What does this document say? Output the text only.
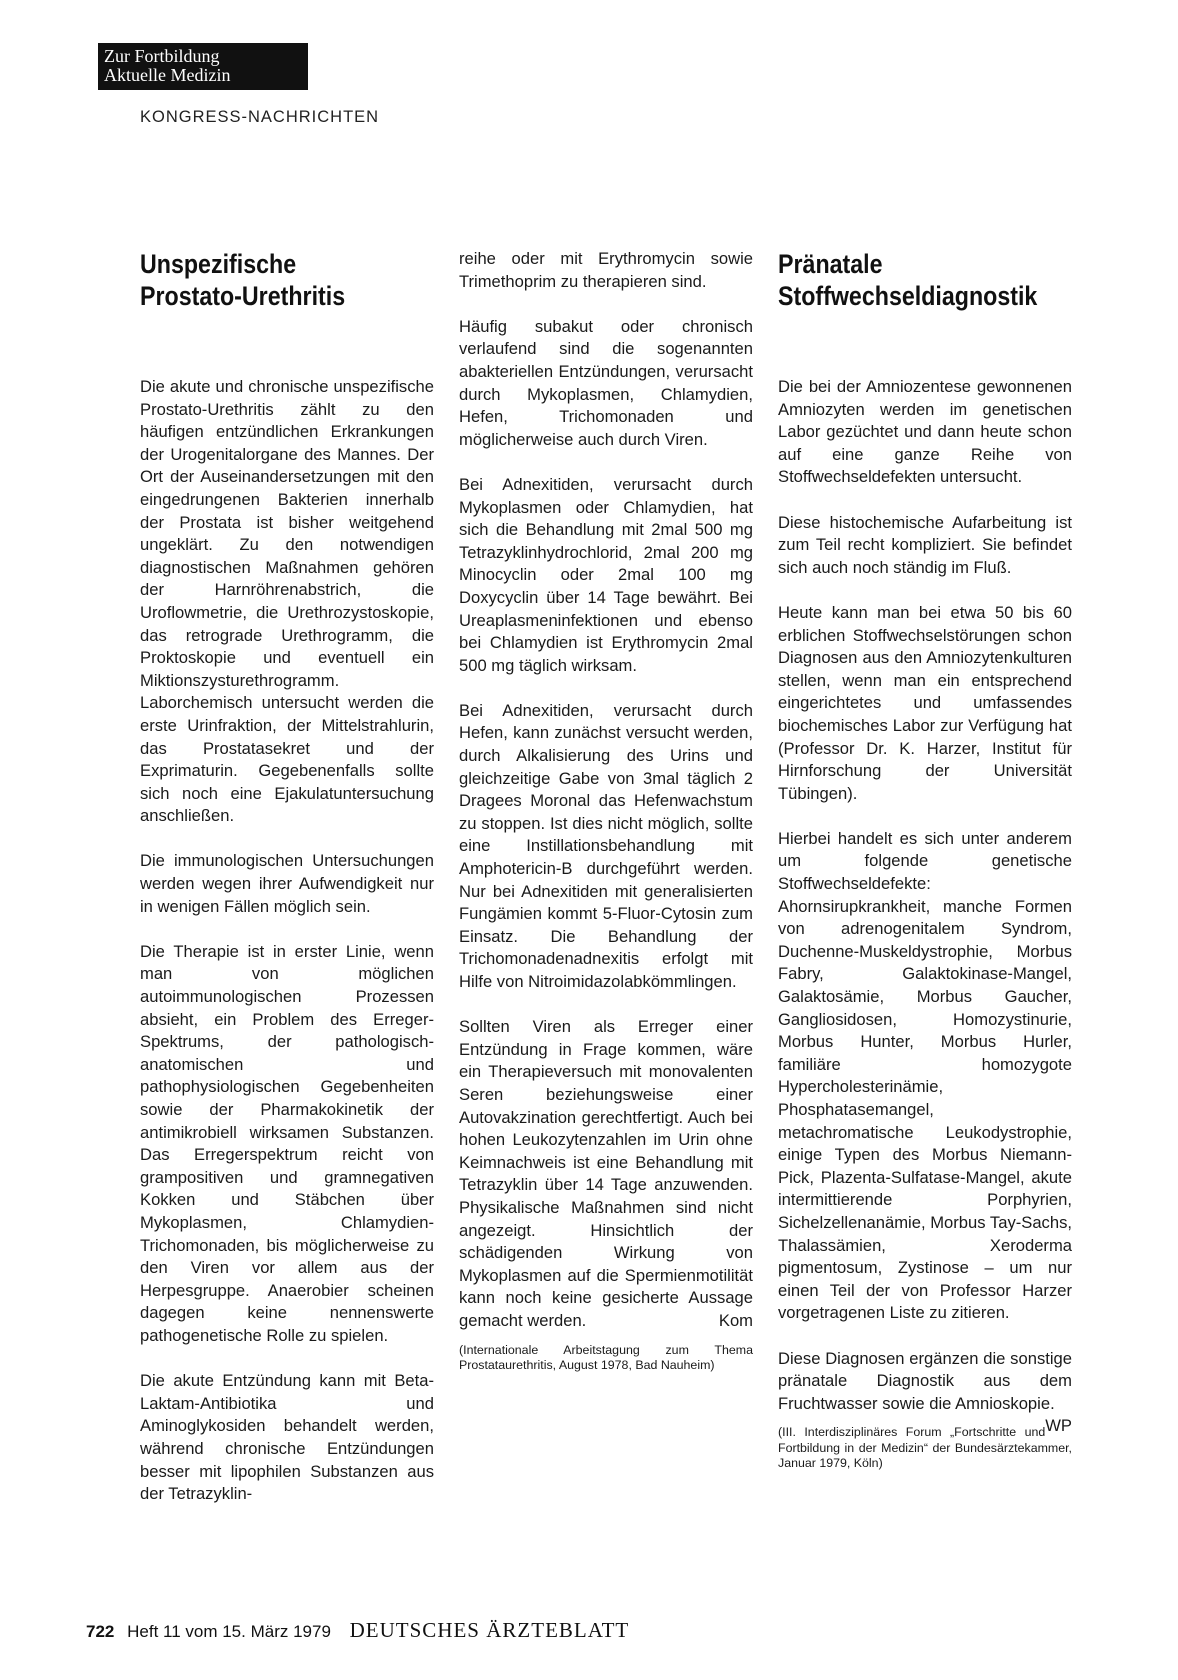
Zur Fortbildung
Aktuelle Medizin
KONGRESS-NACHRICHTEN
Unspezifische
Prostato-Urethritis

Die akute und chronische unspezifische Prostato-Urethritis zählt zu den häufigen entzündlichen Erkrankungen der Urogenitalorgane des Mannes. Der Ort der Auseinandersetzungen mit den eingedrungenen Bakterien innerhalb der Prostata ist bisher weitgehend ungeklärt. Zu den notwendigen diagnostischen Maßnahmen gehören der Harnröhrenabstrich, die Uroflowmetrie, die Urethrozystoskopie, das retrograde Urethrogramm, die Proktoskopie und eventuell ein Miktionszysturethrogramm. Laborchemisch untersucht werden die erste Urinfraktion, der Mittelstrahlurin, das Prostatasekret und der Exprimaturin. Gegebenenfalls sollte sich noch eine Ejakulatuntersuchung anschließen.

Die immunologischen Untersuchungen werden wegen ihrer Aufwendigkeit nur in wenigen Fällen möglich sein.

Die Therapie ist in erster Linie, wenn man von möglichen autoimmunologischen Prozessen absieht, ein Problem des Erreger-Spektrums, der pathologisch-anatomischen und pathophysiologischen Gegebenheiten sowie der Pharmakokinetik der antimikrobiell wirksamen Substanzen. Das Erregerspektrum reicht von grampositiven und gramnegativen Kokken und Stäbchen über Mykoplasmen, Chlamydien-Trichomonaden, bis möglicherweise zu den Viren vor allem aus der Herpesgruppe. Anaerobier scheinen dagegen keine nennenswerte pathogenetische Rolle zu spielen.

Die akute Entzündung kann mit Beta-Laktam-Antibiotika und Aminoglykosiden behandelt werden, während chronische Entzündungen besser mit lipophilen Substanzen aus der Tetrazyklin-

reihe oder mit Erythromycin sowie Trimethoprim zu therapieren sind.

Häufig subakut oder chronisch verlaufend sind die sogenannten abakteriellen Entzündungen, verursacht durch Mykoplasmen, Chlamydien, Hefen, Trichomonaden und möglicherweise auch durch Viren.

Bei Adnexitiden, verursacht durch Mykoplasmen oder Chlamydien, hat sich die Behandlung mit 2mal 500 mg Tetrazyklinhydrochlorid, 2mal 200 mg Minocyclin oder 2mal 100 mg Doxycyclin über 14 Tage bewährt. Bei Ureaplasmeninfektionen und ebenso bei Chlamydien ist Erythromycin 2mal 500 mg täglich wirksam.

Bei Adnexitiden, verursacht durch Hefen, kann zunächst versucht werden, durch Alkalisierung des Urins und gleichzeitige Gabe von 3mal täglich 2 Dragees Moronal das Hefenwachstum zu stoppen. Ist dies nicht möglich, sollte eine Instillationsbehandlung mit Amphotericin-B durchgeführt werden. Nur bei Adnexitiden mit generalisierten Fungämien kommt 5-Fluor-Cytosin zum Einsatz. Die Behandlung der Trichomonadenadnexitis erfolgt mit Hilfe von Nitroimidazolabkömmlingen.

Sollten Viren als Erreger einer Entzündung in Frage kommen, wäre ein Therapieversuch mit monovalenten Seren beziehungsweise einer Autovakzination gerechtfertigt. Auch bei hohen Leukozytenzahlen im Urin ohne Keimnachweis ist eine Behandlung mit Tetrazyklin über 14 Tage anzuwenden. Physikalische Maßnahmen sind nicht angezeigt. Hinsichtlich der schädigenden Wirkung von Mykoplasmen auf die Spermienmotilität kann noch keine gesicherte Aussage gemacht werden.	Kom

(Internationale Arbeitstagung zum Thema Prostataurethritis, August 1978, Bad Nauheim)

Pränatale
Stoffwechseldiagnostik

Die bei der Amniozentese gewonnenen Amniozyten werden im genetischen Labor gezüchtet und dann heute schon auf eine ganze Reihe von Stoffwechseldefekten untersucht.

Diese histochemische Aufarbeitung ist zum Teil recht kompliziert. Sie befindet sich auch noch ständig im Fluß.

Heute kann man bei etwa 50 bis 60 erblichen Stoffwechselstörungen schon Diagnosen aus den Amniozytenkulturen stellen, wenn man ein entsprechend eingerichtetes und umfassendes biochemisches Labor zur Verfügung hat (Professor Dr. K. Harzer, Institut für Hirnforschung der Universität Tübingen).

Hierbei handelt es sich unter anderem um folgende genetische Stoffwechseldefekte: Ahornsirupkrankheit, manche Formen von adrenogenitalem Syndrom, Duchenne-Muskeldystrophie, Morbus Fabry, Galaktokinase-Mangel, Galaktosämie, Morbus Gaucher, Gangliosidosen, Homozystinurie, Morbus Hunter, Morbus Hurler, familiäre homozygote Hypercholesterinämie, Phosphatasemangel, metachromatische Leukodystrophie, einige Typen des Morbus Niemann-Pick, Plazenta-Sulfatase-Mangel, akute intermittierende Porphyrien, Sichelzellenanämie, Morbus Tay-Sachs, Thalassämien, Xeroderma pigmentosum, Zystinose – um nur einen Teil der von Professor Harzer vorgetragenen Liste zu zitieren.

Diese Diagnosen ergänzen die sonstige pränatale Diagnostik aus dem Fruchtwasser sowie die Amnioskopie.
WP

(III. Interdisziplinäres Forum „Fortschritte und Fortbildung in der Medizin“ der Bundesärztekammer, Januar 1979, Köln)

722 Heft 11 vom 15. März 1979 DEUTSCHES ÄRZTEBLATT
